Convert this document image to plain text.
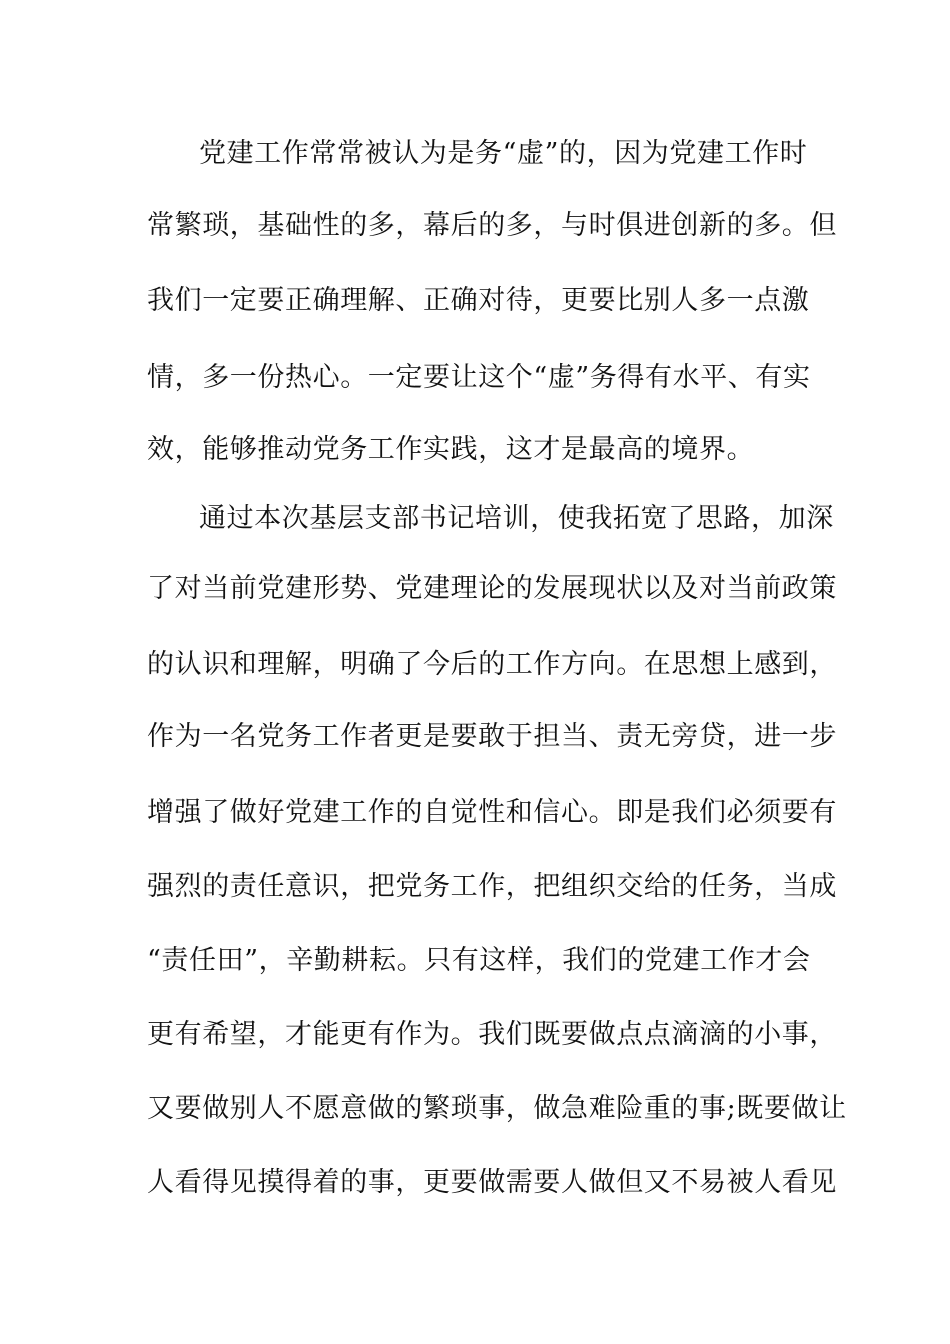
党建工作常常被认为是务“虚”的，因为党建工作时
常繁琐，基础性的多，幕后的多，与时俱进创新的多。但
我们一定要正确理解、正确对待，更要比别人多一点激
情，多一份热心。一定要让这个“虚”务得有水平、有实
效，能够推动党务工作实践，这才是最高的境界。
通过本次基层支部书记培训，使我拓宽了思路，加深
了对当前党建形势、党建理论的发展现状以及对当前政策
的认识和理解，明确了今后的工作方向。在思想上感到，
作为一名党务工作者更是要敢于担当、责无旁贷，进一步
增强了做好党建工作的自觉性和信心。即是我们必须要有
强烈的责任意识，把党务工作，把组织交给的任务，当成
“责任田”，辛勤耕耘。只有这样，我们的党建工作才会
更有希望，才能更有作为。我们既要做点点滴滴的小事，
又要做别人不愿意做的繁琐事，做急难险重的事;既要做让
人看得见摸得着的事，更要做需要人做但又不易被人看见
